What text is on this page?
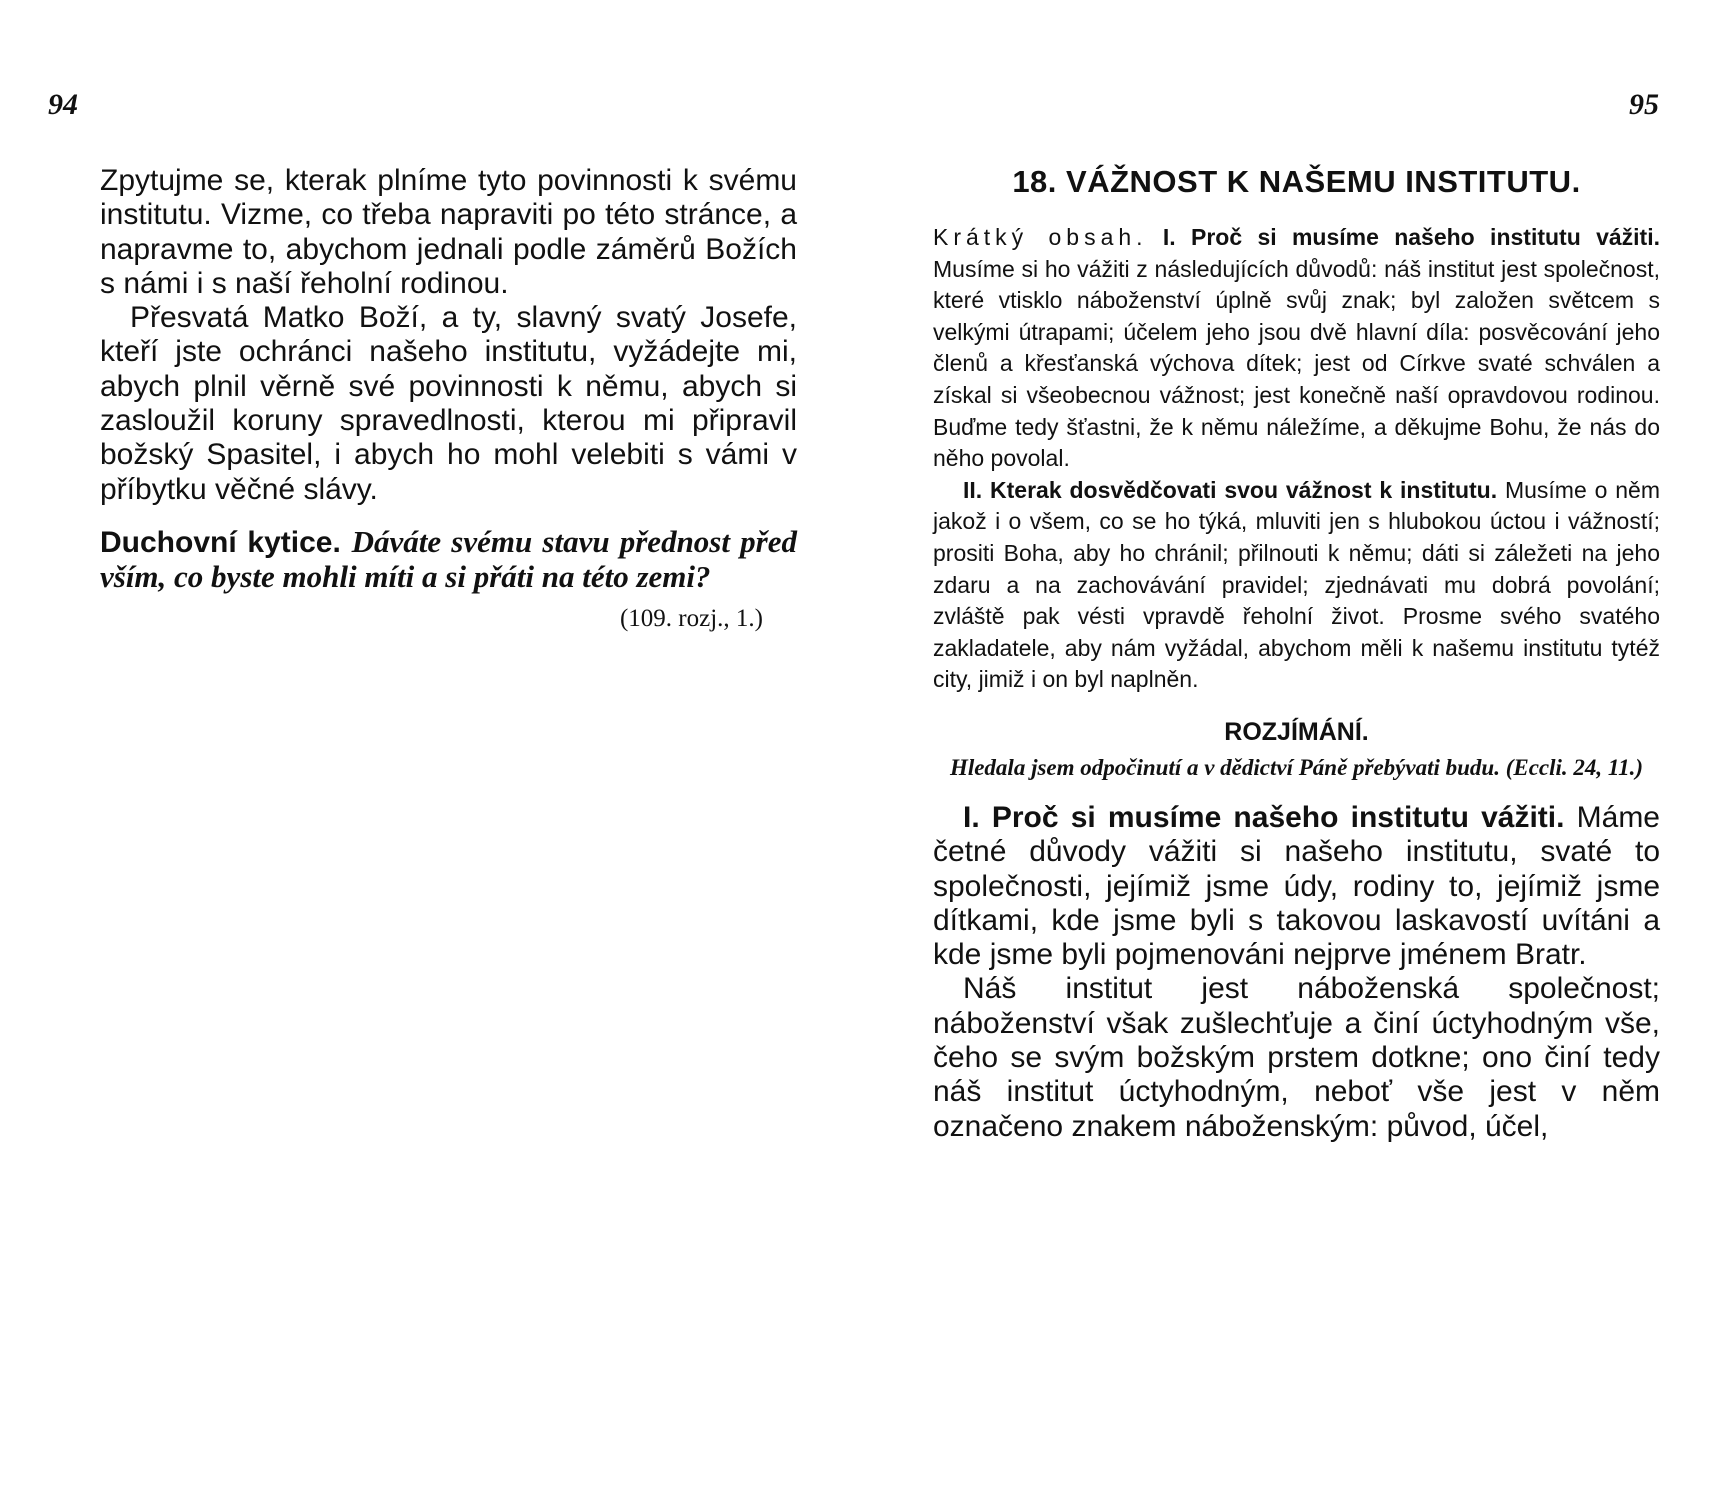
94

Zpytujme se, kterak plníme tyto povinnosti k svému institutu. Vizme, co třeba napraviti po této stránce, a napravme to, abychom jednali podle záměrů Božích s námi i s naší řeholní rodinou.

Přesvatá Matko Boží, a ty, slavný svatý Josefe, kteří jste ochránci našeho institutu, vyžádejte mi, abych plnil věrně své povinnosti k němu, abych si zasloužil koruny spravedlnosti, kterou mi připravil božský Spasitel, i abych ho mohl velebiti s vámi v příbytku věčné slávy.

Duchovní kytice. Dáváte svému stavu přednost před vším, co byste mohli míti a si přáti na této zemi?
(109. rozj., 1.)

95

18. VÁŽNOST K NAŠEMU INSTITUTU.

Krátký obsah. I. Proč si musíme našeho institutu vážiti. Musíme si ho vážiti z následujících důvodů: náš institut jest společnost, které vtisklo náboženství úplně svůj znak; byl založen světcem s velkými útrapami; účelem jeho jsou dvě hlavní díla: posvěcování jeho členů a křesťanská výchova dítek; jest od Církve svaté schválen a získal si všeobecnou vážnost; jest konečně naší opravdovou rodinou. Buďme tedy šťastni, že k němu náležíme, a děkujme Bohu, že nás do něho povolal.

II. Kterak dosvědčovati svou vážnost k institutu. Musíme o něm jakož i o všem, co se ho týká, mluviti jen s hlubokou úctou i vážností; prositi Boha, aby ho chránil; přilnouti k němu; dáti si záležeti na jeho zdaru a na zachovávání pravidel; zjednávati mu dobrá povolání; zvláště pak vésti vpravdě řeholní život. Prosme svého svatého zakladatele, aby nám vyžádal, abychom měli k našemu institutu tytéž city, jimiž i on byl naplněn.

ROZJÍMÁNÍ.
Hledala jsem odpočinutí a v dědictví Páně přebývati budu. (Eccli. 24, 11.)

I. Proč si musíme našeho institutu vážiti. Máme četné důvody vážiti si našeho institutu, svaté to společnosti, jejímiž jsme údy, rodiny to, jejímiž jsme dítkami, kde jsme byli s takovou laskavostí uvítáni a kde jsme byli pojmenováni nejprve jménem Bratr.

Náš institut jest náboženská společnost; náboženství však zušlechťuje a činí úctyhodným vše, čeho se svým božským prstem dotkne; ono činí tedy náš institut úctyhodným, neboť vše jest v něm označeno znakem náboženským: původ, účel,
